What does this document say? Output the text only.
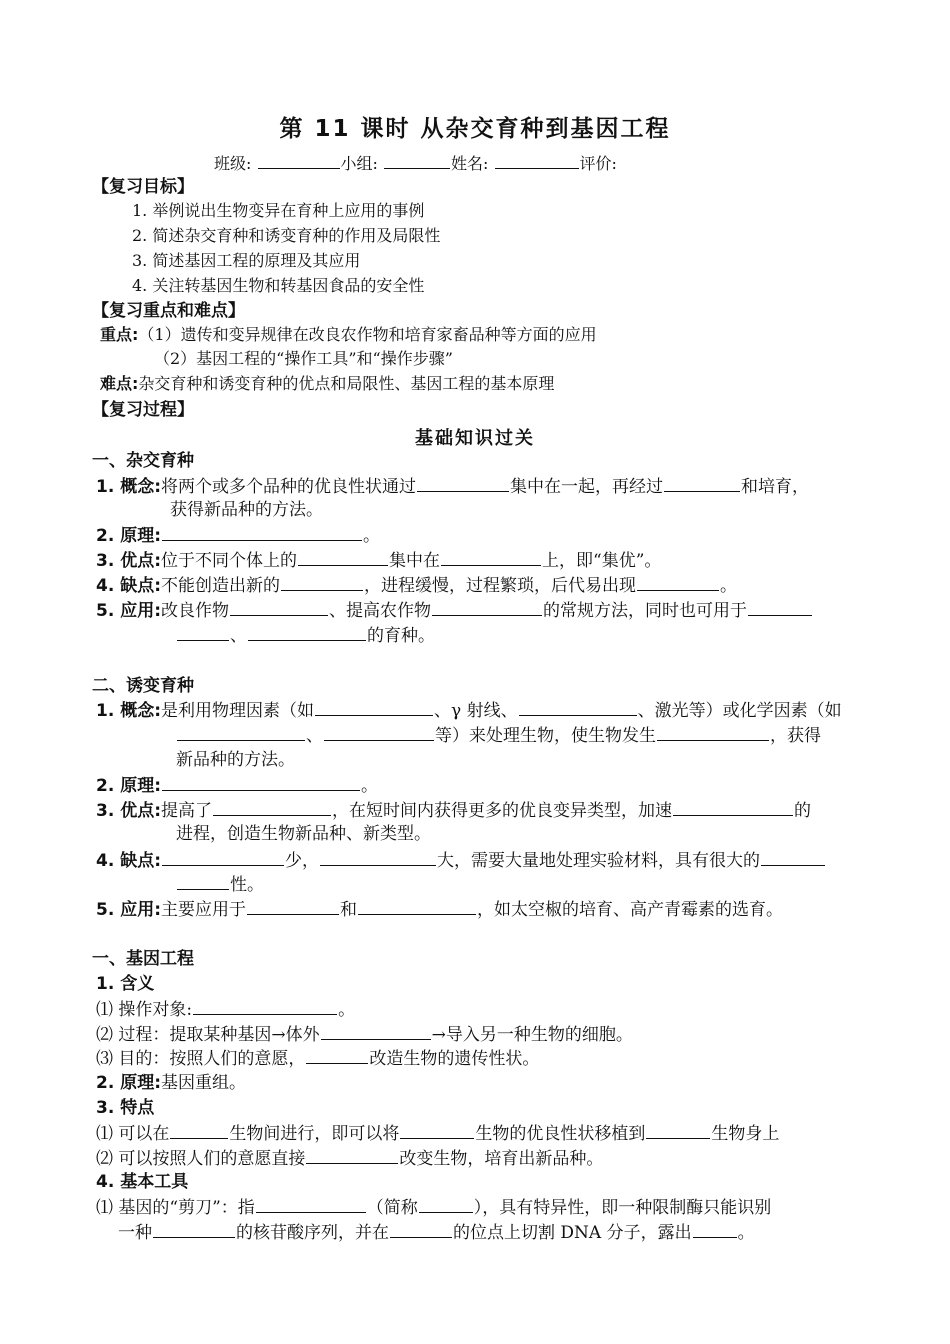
第 11 课时 从杂交育种到基因工程
班级:	小组:	姓名:	评价:
【复习目标】
1. 举例说出生物变异在育种上应用的事例
2. 简述杂交育种和诱变育种的作用及局限性
3. 简述基因工程的原理及其应用
4. 关注转基因生物和转基因食品的安全性
【复习重点和难点】
重点:（1）遗传和变异规律在改良农作物和培育家畜品种等方面的应用
（2）基因工程的“操作工具”和“操作步骤”
难点:杂交育种和诱变育种的优点和局限性、基因工程的基本原理
【复习过程】
基础知识过关
一、杂交育种
1. 概念:将两个或多个品种的优良性状通过	集中在一起，再经过	和培育，
获得新品种的方法。
2. 原理:	。
3. 优点:位于不同个体上的	集中在	上，即“集优”。
4. 缺点:不能创造出新的	，进程缓慢，过程繁琐，后代易出现	。
5. 应用:改良作物	、提高农作物	的常规方法，同时也可用于
、	的育种。
二、诱变育种
1. 概念:是利用物理因素（如	、γ 射线、	、激光等）或化学因素（如
、	等）来处理生物，使生物发生	，获得
新品种的方法。
2. 原理:	。
3. 优点:提高了	，在短时间内获得更多的优良变异类型，加速	的
进程，创造生物新品种、新类型。
4. 缺点:	少，	大，需要大量地处理实验材料，具有很大的
性。
5. 应用:主要应用于	和	，如太空椒的培育、高产青霉素的选育。
一、基因工程
1. 含义
⑴ 操作对象:	。
⑵ 过程：提取某种基因→体外	→导入另一种生物的细胞。
⑶ 目的：按照人们的意愿，	改造生物的遗传性状。
2. 原理:基因重组。
3. 特点
⑴ 可以在	生物间进行，即可以将	生物的优良性状移植到	生物身上
⑵ 可以按照人们的意愿直接	改变生物，培育出新品种。
4. 基本工具
⑴ 基因的“剪刀”：指	（简称	），具有特异性，即一种限制酶只能识别
一种	的核苷酸序列，并在	的位点上切割 DNA 分子，露出	。
